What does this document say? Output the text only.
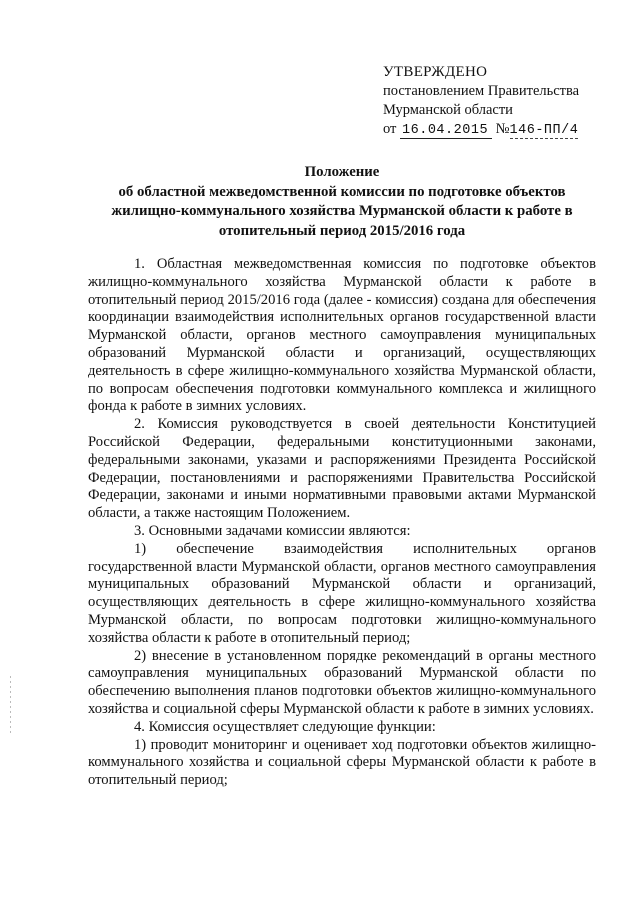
УТВЕРЖДЕНО
постановлением Правительства
Мурманской области
от 16.04.2015 №146-ПП/4
Положение
об областной межведомственной комиссии по подготовке объектов
жилищно-коммунального хозяйства Мурманской области к работе в
отопительный период 2015/2016 года

1. Областная межведомственная комиссия по подготовке объектов жилищно-коммунального хозяйства Мурманской области к работе в отопительный период 2015/2016 года (далее - комиссия) создана для обеспечения координации взаимодействия исполнительных органов государственной власти Мурманской области, органов местного самоуправления муниципальных образований Мурманской области и организаций, осуществляющих деятельность в сфере жилищно-коммунального хозяйства Мурманской области, по вопросам обеспечения подготовки коммунального комплекса и жилищного фонда к работе в зимних условиях.

2. Комиссия руководствуется в своей деятельности Конституцией Российской Федерации, федеральными конституционными законами, федеральными законами, указами и распоряжениями Президента Российской Федерации, постановлениями и распоряжениями Правительства Российской Федерации, законами и иными нормативными правовыми актами Мурманской области, а также настоящим Положением.

3. Основными задачами комиссии являются:

1) обеспечение взаимодействия исполнительных органов государственной власти Мурманской области, органов местного самоуправления муниципальных образований Мурманской области и организаций, осуществляющих деятельность в сфере жилищно-коммунального хозяйства Мурманской области, по вопросам подготовки жилищно-коммунального хозяйства области к работе в отопительный период;

2) внесение в установленном порядке рекомендаций в органы местного самоуправления муниципальных образований Мурманской области по обеспечению выполнения планов подготовки объектов жилищно-коммунального хозяйства и социальной сферы Мурманской области к работе в зимних условиях.

4. Комиссия осуществляет следующие функции:

1) проводит мониторинг и оценивает ход подготовки объектов жилищно-коммунального хозяйства и социальной сферы Мурманской области к работе в отопительный период;
